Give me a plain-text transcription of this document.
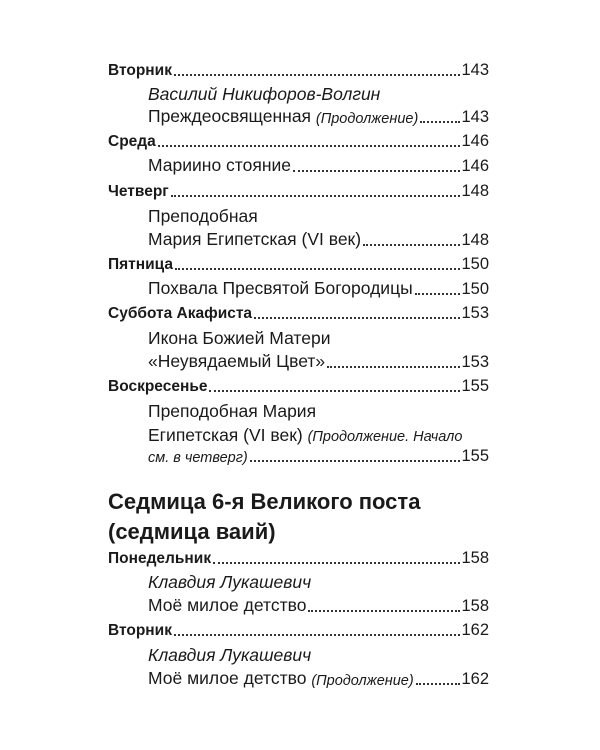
Вторник	143
Василий Никифоров-Волгин
Преждеосвященная
(Продолжение)	143
Среда	146
Мариино стояние	146
Четверг	148
Преподобная
Мария Египетская (VI век)	148
Пятница	150
Похвала Пресвятой Богородицы	150
Суббота Акафиста	153
Икона Божией Матери
«Неувядаемый Цвет»	153
Воскресенье	155
Преподобная Мария
Египетская (VI век) (Продолжение. Начало
см. в четверг)	155
Седмица 6-я Великого поста
(седмица ваий)
Понедельник	158
Клавдия Лукашевич
Моё милое детство	158
Вторник	162
Клавдия Лукашевич
Моё милое детство
(Продолжение)	162
